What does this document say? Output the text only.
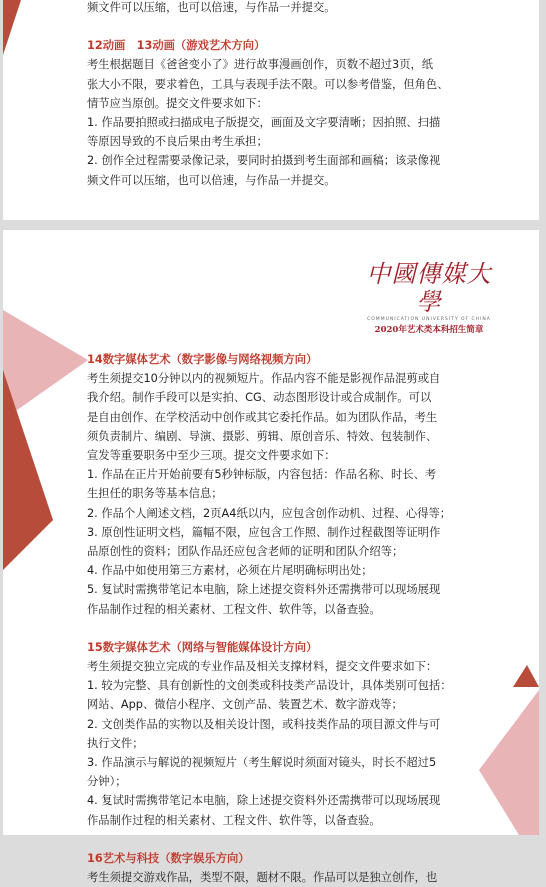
频文件可以压缩，也可以倍速，与作品一并提交。

12动画　13动画（游戏艺术方向）

考生根据题目《爸爸变小了》进行故事漫画创作，页数不超过3页，纸

张大小不限，要求着色，工具与表现手法不限。可以参考借鉴，但角色、

情节应当原创。提交文件要求如下：

1. 作品要拍照或扫描成电子版提交，画面及文字要清晰；因拍照、扫描

等原因导致的不良后果由考生承担；

2. 创作全过程需要录像记录，要同时拍摄到考生面部和画稿；该录像视

频文件可以压缩，也可以倍速，与作品一并提交。

中國傳媒大學
COMMUNICATION UNIVERSITY OF CHINA
2020年艺术类本科招生简章

14数字媒体艺术（数字影像与网络视频方向）

考生须提交10分钟以内的视频短片。作品内容不能是影视作品混剪或自

我介绍。制作手段可以是实拍、CG、动态图形设计或合成制作。可以

是自由创作、在学校活动中创作或其它委托作品。如为团队作品，考生

须负责制片、编剧、导演、摄影、剪辑、原创音乐、特效、包装制作、

宣发等重要职务中至少三项。提交文件要求如下：

1. 作品在正片开始前要有5秒钟标版，内容包括：作品名称、时长、考

生担任的职务等基本信息；

2. 作品个人阐述文档，2页A4纸以内，应包含创作动机、过程、心得等；

3. 原创性证明文档，篇幅不限，应包含工作照、制作过程截图等证明作

品原创性的资料；团队作品还应包含老师的证明和团队介绍等；

4. 作品中如使用第三方素材，必须在片尾明确标明出处；

5. 复试时需携带笔记本电脑，除上述提交资料外还需携带可以现场展现

作品制作过程的相关素材、工程文件、软件等，以备查验。

15数字媒体艺术（网络与智能媒体设计方向）

考生须提交独立完成的专业作品及相关支撑材料，提交文件要求如下：

1. 较为完整、具有创新性的文创类或科技类产品设计，具体类别可包括：

网站、App、微信小程序、文创产品、装置艺术、数字游戏等；

2. 文创类作品的实物以及相关设计图，或科技类作品的项目源文件与可

执行文件；

3. 作品演示与解说的视频短片（考生解说时须面对镜头，时长不超过5

分钟）；

4. 复试时需携带笔记本电脑，除上述提交资料外还需携带可以现场展现

作品制作过程的相关素材、工程文件、软件等，以备查验。

16艺术与科技（数字娱乐方向）

考生须提交游戏作品，类型不限，题材不限。作品可以是独立创作，也
